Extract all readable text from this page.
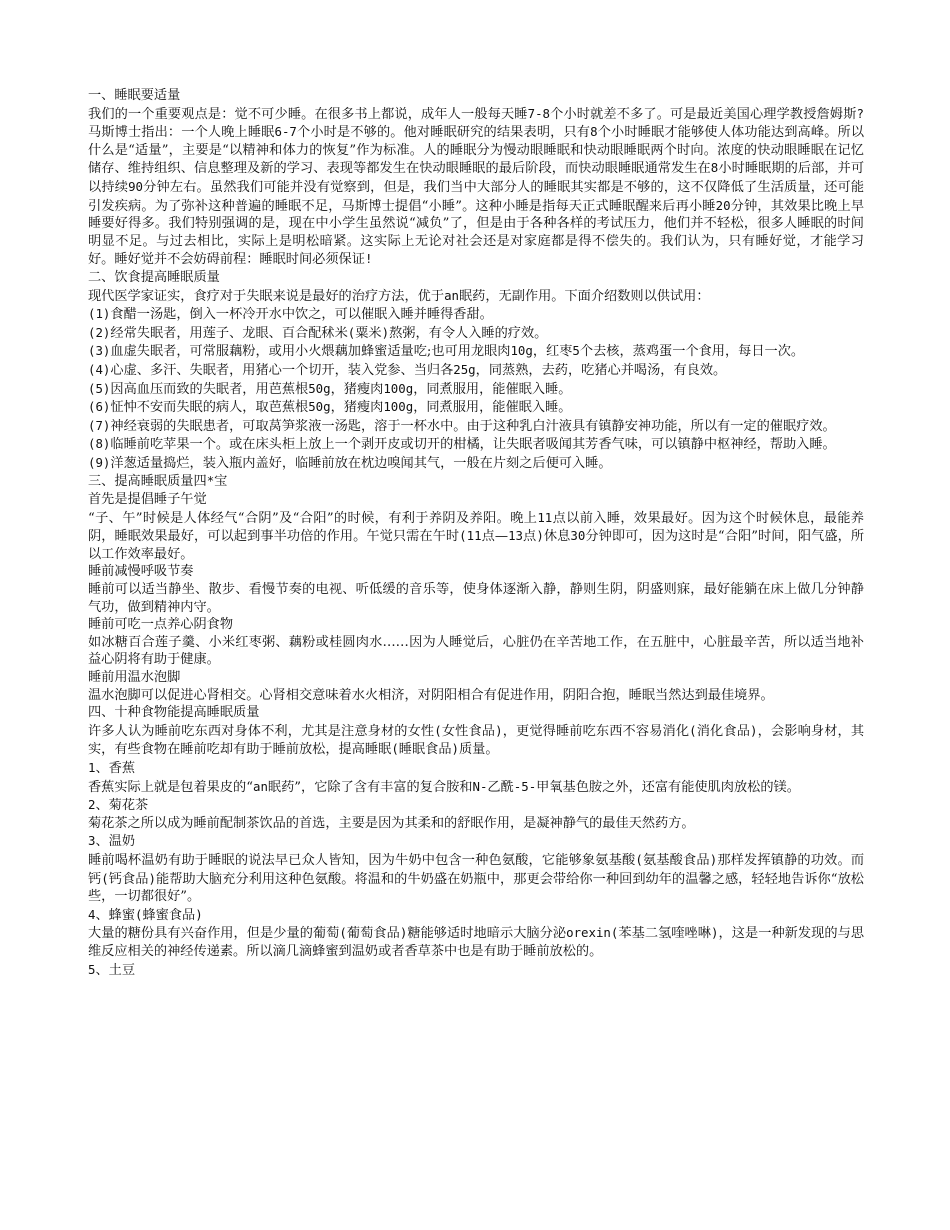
一、睡眠要适量

我们的一个重要观点是：觉不可少睡。在很多书上都说，成年人一般每天睡7-8个小时就差不多了。可是最近美国心理学教授詹姆斯?马斯博士指出：一个人晚上睡眠6-7个小时是不够的。他对睡眠研究的结果表明，只有8个小时睡眠才能够使人体功能达到高峰。所以什么是“适量”，主要是“以精神和体力的恢复”作为标准。人的睡眠分为慢动眼睡眠和快动眼睡眠两个时向。浓度的快动眼睡眠在记忆储存、维持组织、信息整理及新的学习、表现等都发生在快动眼睡眠的最后阶段，而快动眼睡眠通常发生在8小时睡眠期的后部，并可以持续90分钟左右。虽然我们可能并没有觉察到，但是，我们当中大部分人的睡眠其实都是不够的，这不仅降低了生活质量，还可能引发疾病。为了弥补这种普遍的睡眠不足，马斯博士提倡“小睡”。这种小睡是指每天正式睡眠醒来后再小睡20分钟，其效果比晚上早睡要好得多。我们特别强调的是，现在中小学生虽然说“减负”了，但是由于各种各样的考试压力，他们并不轻松，很多人睡眠的时间明显不足。与过去相比，实际上是明松暗紧。这实际上无论对社会还是对家庭都是得不偿失的。我们认为，只有睡好觉，才能学习好。睡好觉并不会妨碍前程：睡眠时间必须保证!

二、饮食提高睡眠质量

现代医学家证实，食疗对于失眠来说是最好的治疗方法，优于an眠药，无副作用。下面介绍数则以供试用：

(1)食醋一汤匙，倒入一杯冷开水中饮之，可以催眠入睡并睡得香甜。

(2)经常失眠者，用莲子、龙眼、百合配秫米(粟米)熬粥，有令人入睡的疗效。

(3)血虚失眠者，可常服藕粉，或用小火煨藕加蜂蜜适量吃;也可用龙眼肉10g，红枣5个去核，蒸鸡蛋一个食用，每日一次。

(4)心虚、多汗、失眠者，用猪心一个切开，装入党参、当归各25g，同蒸熟，去药，吃猪心并喝汤，有良效。

(5)因高血压而致的失眠者，用芭蕉根50g，猪瘦肉100g，同煮服用，能催眠入睡。

(6)怔忡不安而失眠的病人，取芭蕉根50g，猪瘦肉100g，同煮服用，能催眠入睡。

(7)神经衰弱的失眠患者，可取莴笋浆液一汤匙，溶于一杯水中。由于这种乳白汁液具有镇静安神功能，所以有一定的催眠疗效。

(8)临睡前吃苹果一个。或在床头柜上放上一个剥开皮或切开的柑橘，让失眠者吸闻其芳香气味，可以镇静中枢神经，帮助入睡。

(9)洋葱适量捣烂，装入瓶内盖好，临睡前放在枕边嗅闻其气，一般在片刻之后便可入睡。

三、提高睡眠质量四*宝

首先是提倡睡子午觉

“子、午”时候是人体经气“合阴”及“合阳”的时候，有利于养阴及养阳。晚上11点以前入睡，效果最好。因为这个时候休息，最能养阴，睡眠效果最好，可以起到事半功倍的作用。午觉只需在午时(11点—13点)休息30分钟即可，因为这时是“合阳”时间，阳气盛，所以工作效率最好。

睡前减慢呼吸节奏

睡前可以适当静坐、散步、看慢节奏的电视、听低缓的音乐等，使身体逐渐入静，静则生阴，阴盛则寐，最好能躺在床上做几分钟静气功，做到精神内守。

睡前可吃一点养心阴食物

如冰糖百合莲子羹、小米红枣粥、藕粉或桂圆肉水……因为人睡觉后，心脏仍在辛苦地工作，在五脏中，心脏最辛苦，所以适当地补益心阴将有助于健康。

睡前用温水泡脚

温水泡脚可以促进心肾相交。心肾相交意味着水火相济，对阴阳相合有促进作用，阴阳合抱，睡眠当然达到最佳境界。

四、十种食物能提高睡眠质量

许多人认为睡前吃东西对身体不利，尤其是注意身材的女性(女性食品)，更觉得睡前吃东西不容易消化(消化食品)，会影响身材，其实，有些食物在睡前吃却有助于睡前放松，提高睡眠(睡眠食品)质量。

1、香蕉

香蕉实际上就是包着果皮的“an眠药”，它除了含有丰富的复合胺和N-乙酰-5-甲氧基色胺之外，还富有能使肌肉放松的镁。

2、菊花茶

菊花茶之所以成为睡前配制茶饮品的首选，主要是因为其柔和的舒眠作用，是凝神静气的最佳天然药方。

3、温奶

睡前喝杯温奶有助于睡眠的说法早已众人皆知，因为牛奶中包含一种色氨酸，它能够象氨基酸(氨基酸食品)那样发挥镇静的功效。而钙(钙食品)能帮助大脑充分利用这种色氨酸。将温和的牛奶盛在奶瓶中，那更会带给你一种回到幼年的温馨之感，轻轻地告诉你“放松些，一切都很好”。

4、蜂蜜(蜂蜜食品)

大量的糖份具有兴奋作用，但是少量的葡萄(葡萄食品)糖能够适时地暗示大脑分泌orexin(苯基二氢喹唑啉)，这是一种新发现的与思维反应相关的神经传递素。所以滴几滴蜂蜜到温奶或者香草茶中也是有助于睡前放松的。

5、土豆
